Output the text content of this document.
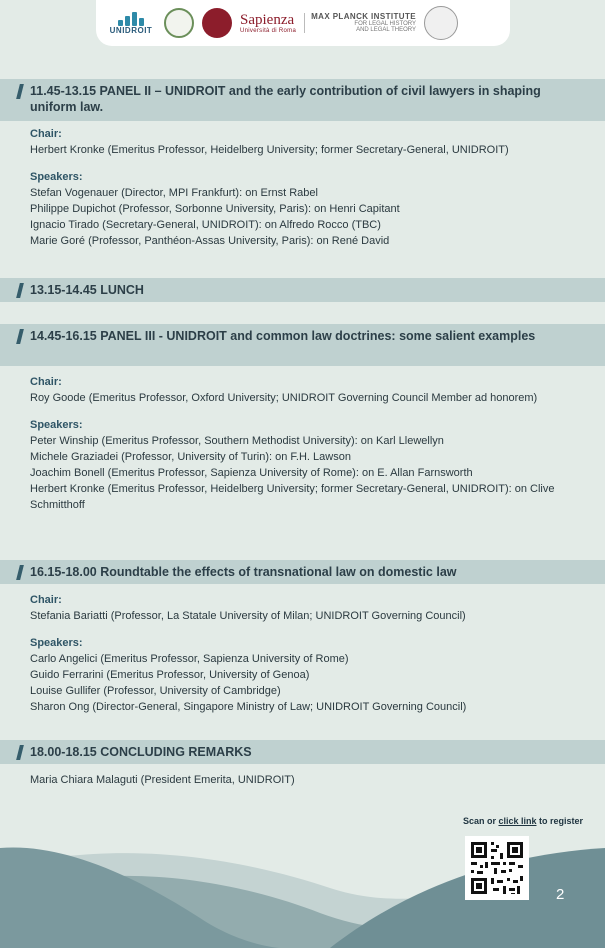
UNIDROIT
Sapienza
Università di Roma
MAX PLANCK INSTITUTE
FOR LEGAL HISTORY
AND LEGAL THEORY
11.45-13.15 PANEL II – UNIDROIT and the early contribution of civil lawyers in shaping uniform law.
Chair:
Herbert Kronke (Emeritus Professor, Heidelberg University; former Secretary-General, UNIDROIT)
Speakers:
Stefan Vogenauer (Director, MPI Frankfurt): on Ernst Rabel
Philippe Dupichot (Professor, Sorbonne University, Paris): on Henri Capitant
Ignacio Tirado (Secretary-General, UNIDROIT): on Alfredo Rocco (TBC)
Marie Goré (Professor, Panthéon-Assas University, Paris): on René David
13.15-14.45 LUNCH
14.45-16.15 PANEL III - UNIDROIT and common law doctrines: some salient examples
Chair:
Roy Goode (Emeritus Professor, Oxford University; UNIDROIT Governing Council Member ad honorem)
Speakers:
Peter Winship (Emeritus Professor, Southern Methodist University): on Karl Llewellyn
Michele Graziadei (Professor, University of Turin): on F.H. Lawson
Joachim Bonell (Emeritus Professor, Sapienza University of Rome): on E. Allan Farnsworth
Herbert Kronke (Emeritus Professor, Heidelberg University; former Secretary-General, UNIDROIT): on Clive Schmitthoff
16.15-18.00 Roundtable the effects of transnational law on domestic law
Chair:
Stefania Bariatti (Professor, La Statale University of Milan; UNIDROIT Governing Council)
Speakers:
Carlo Angelici (Emeritus Professor, Sapienza University of Rome)
Guido Ferrarini (Emeritus Professor, University of Genoa)
Louise Gullifer (Professor, University of Cambridge)
Sharon Ong (Director-General, Singapore Ministry of Law; UNIDROIT Governing Council)
18.00-18.15 CONCLUDING REMARKS
Maria Chiara Malaguti (President Emerita, UNIDROIT)
Scan or click link to register
2
